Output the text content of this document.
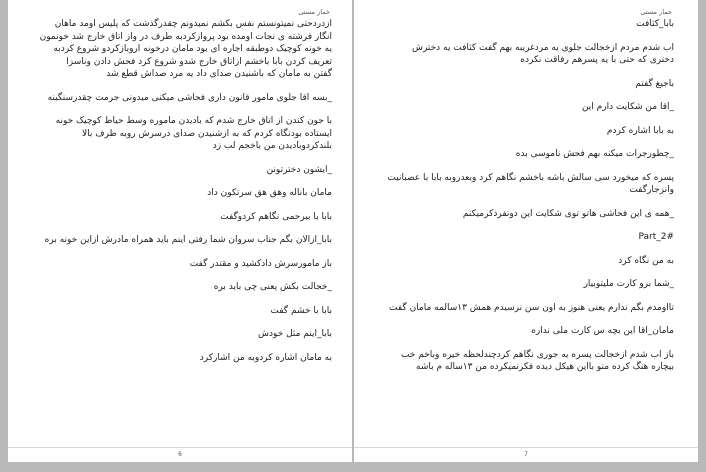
خمار مستی
ازدردحتی نمیتونستم نفس بکشم نمیدونم چقدرگذشت که پلیس اومد ماهان
انگار فرشته ی نجات اومده بود پروازکردبه طرف در واز اتاق خارج شد خونمون
یه خونه کوچیک دوطبقه اجاره ای بود مامان درخونه اروبازکردو شروع کردبه
تعریف کردن بابا باخشم ازاتاق خارج شدو شروع کرد فحش دادن وناسزا
گفتن به مامان که باشنیدن صدای داد یه مرد صداش قطع شد
_بسه اقا جلوی مامور قانون داری فحاشی میکنی میدونی جرمت چقدرسنگینه
با جون کندن از اتاق خارج شدم که بادیدن ماموره وسط حیاط کوچیک خونه
ایستاده بودنگاه کردم که به ازشنیدن صدای درسرش روبه طرف بالا
بلندکردوبادیدن من باخجم لب زد
_ایشون دخترتونن
مامان باناله وهق هق سرتکون داد
بابا با بیرحمی نگاهم کردوگفت
بابا_ازالان بگم جناب سروان شما رفتی اینم باید همراه مادرش ازاین خونه بره
باز مامورسرش دادکشید و مقتدر گفت
_خجالت بکش یعنی چی باید بره
بابا با خشم گفت
بابا_اینم مثل خودش
به مامان اشاره کردوبه من اشارکرد
6
خمار مستی
بابا_کثافت
اب شدم مردم ازخجالت جلوی یه مردغریبه بهم گفت کثافت یه دخترش
دختری که حتی با یه پسرهم رفاقت نکرده
باجیغ گفتم
_اقا من شکایت دارم این
به بابا اشاره کردم
_چطورجرات میکنه بهم فحش ناموسی بده
پسره که میخورد سی سالش باشه باخشم نگاهم کرد وبعدروبه بابا با عصبانیت
وانزجارگفت
_همه ی این فحاشی هاتو توی شکایت این دونفرذکرمیکنم
Part_2#
به من نگاه کرد
_شما برو کارت ملیتوبیار
تااومدم بگم ندارم یعنی هنوز به اون سن نرسیدم همش ۱۳سالمه مامان گفت
مامان_اقا این بچه س کارت ملی نداره
باز اب شدم ازخجالت پسره یه جوری نگاهم کردچندلحظه خیره وباخم خب
بیچاره هنگ کرده منو بااین هیکل دیده فکرنمیکرده من ۱۳ساله م باشه
7
